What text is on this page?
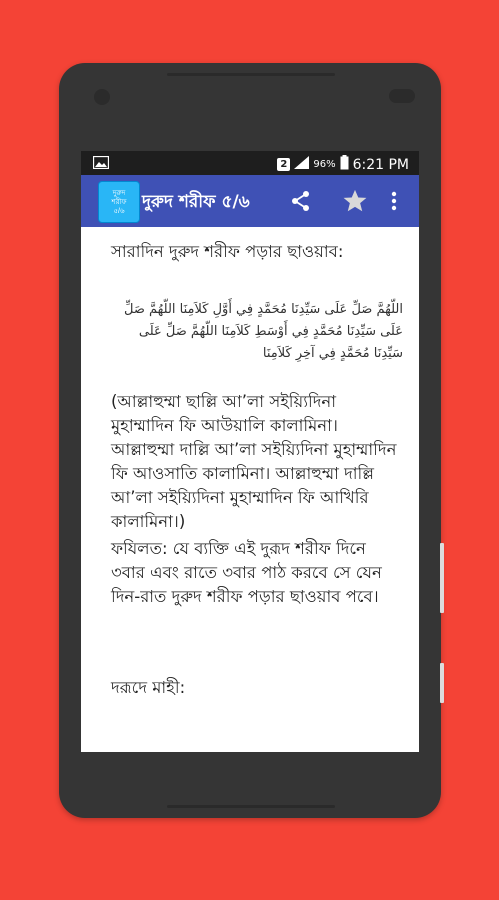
2	96% 6:21 PM
দুরুদ
শরীফ
৫/৬ দুরুদ শরীফ ৫/৬
সারাদিন দুরুদ শরীফ পড়ার ছাওয়াব:
اللّهُمَّ صَلِّ عَلَى سَيِّدِنَا مُحَمَّدٍ فِي أَوَّلِ كَلاَمِنَا اللّهُمَّ صَلِّ عَلَى سَيِّدِنَا مُحَمَّدٍ فِي أَوْسَطِ كَلاَمِنَا اللّهُمَّ صَلِّ عَلَى سَيِّدِنَا مُحَمَّدٍ فِي آخِرِ كَلاَمِنَا
(আল্লাহুম্মা ছাল্লি আ’লা সইয়্যিদিনা মুহাম্মাদিন ফি আউয়ালি কালামিনা। আল্লাহুম্মা দাল্লি আ’লা সইয়্যিদিনা মুহাম্মাদিন ফি আওসাতি কালামিনা। আল্লাহুম্মা দাল্লি আ’লা সইয়্যিদিনা মুহাম্মাদিন ফি আখিরি কালামিনা।)
ফযিলত: যে ব্যক্তি এই দুরূদ শরীফ দিনে ৩বার এবং রাতে ৩বার পাঠ করবে সে যেন দিন-রাত দুরুদ শরীফ পড়ার ছাওয়াব পবে।
দরূদে মাহী:
